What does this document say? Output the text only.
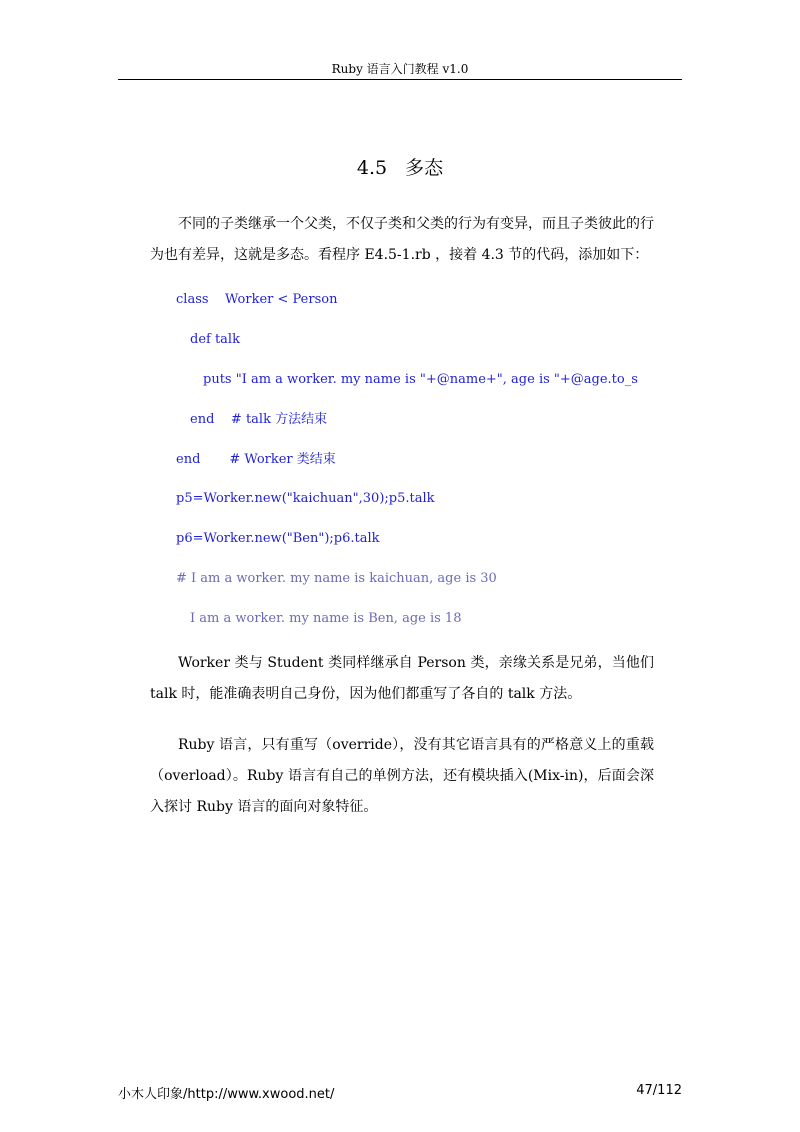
Ruby 语言入门教程 v1.0
4.5 多态

不同的子类继承一个父类，不仅子类和父类的行为有变异，而且子类彼此的行为也有差异，这就是多态。看程序 E4.5-1.rb ，接着 4.3 节的代码，添加如下：

class    Worker < Person
def talk
puts "I am a worker. my name is "+@name+", age is "+@age.to_s
end    # talk 方法结束
end       # Worker 类结束
p5=Worker.new("kaichuan",30);p5.talk
p6=Worker.new("Ben");p6.talk
# I am a worker. my name is kaichuan, age is 30
I am a worker. my name is Ben, age is 18

Worker 类与 Student 类同样继承自 Person 类，亲缘关系是兄弟，当他们 talk 时，能准确表明自己身份，因为他们都重写了各自的 talk 方法。

Ruby 语言，只有重写（override），没有其它语言具有的严格意义上的重载（overload）。Ruby 语言有自己的单例方法，还有模块插入(Mix-in)，后面会深入探讨 Ruby 语言的面向对象特征。

小木人印象/http://www.xwood.net/	47/112
